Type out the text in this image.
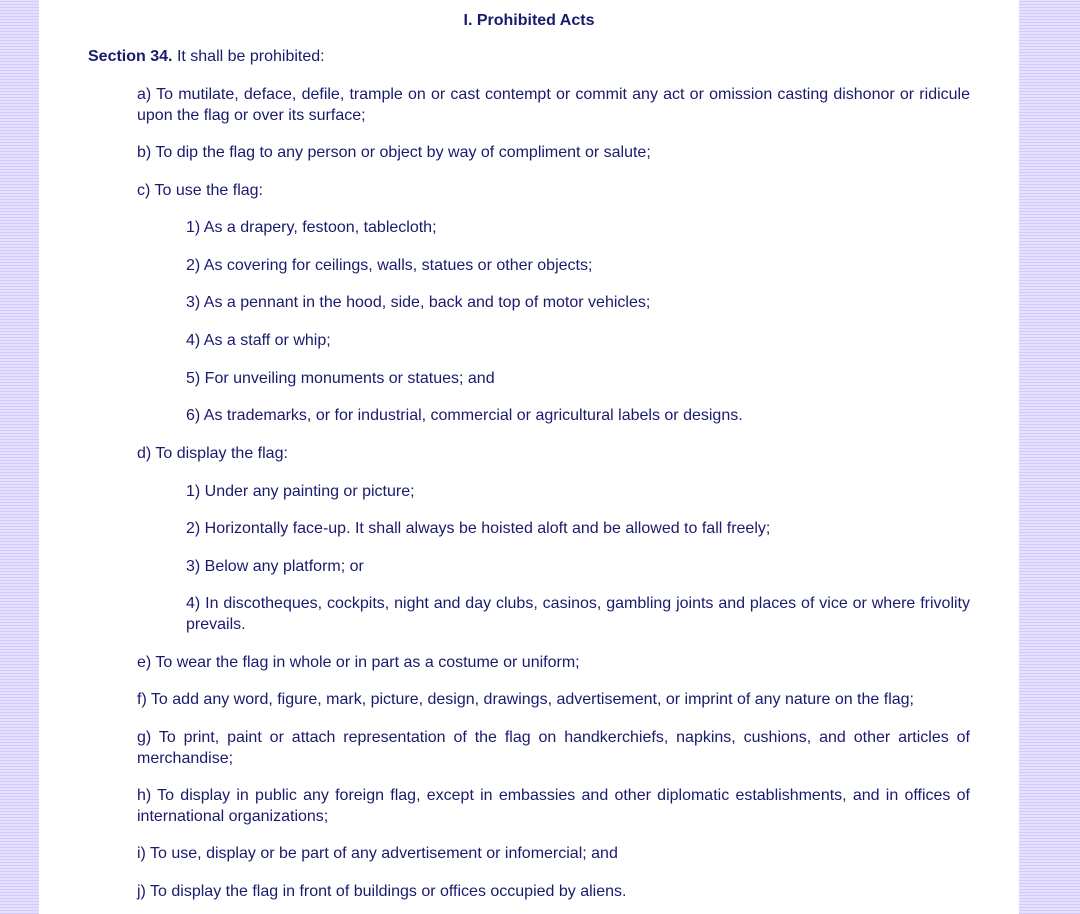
I. Prohibited Acts
Section 34. It shall be prohibited:
a) To mutilate, deface, defile, trample on or cast contempt or commit any act or omission casting dishonor or ridicule upon the flag or over its surface;
b) To dip the flag to any person or object by way of compliment or salute;
c) To use the flag:
1) As a drapery, festoon, tablecloth;
2) As covering for ceilings, walls, statues or other objects;
3) As a pennant in the hood, side, back and top of motor vehicles;
4) As a staff or whip;
5) For unveiling monuments or statues; and
6) As trademarks, or for industrial, commercial or agricultural labels or designs.
d) To display the flag:
1) Under any painting or picture;
2) Horizontally face-up. It shall always be hoisted aloft and be allowed to fall freely;
3) Below any platform; or
4) In discotheques, cockpits, night and day clubs, casinos, gambling joints and places of vice or where frivolity prevails.
e) To wear the flag in whole or in part as a costume or uniform;
f) To add any word, figure, mark, picture, design, drawings, advertisement, or imprint of any nature on the flag;
g) To print, paint or attach representation of the flag on handkerchiefs, napkins, cushions, and other articles of merchandise;
h) To display in public any foreign flag, except in embassies and other diplomatic establishments, and in offices of international organizations;
i) To use, display or be part of any advertisement or infomercial; and
j) To display the flag in front of buildings or offices occupied by aliens.
